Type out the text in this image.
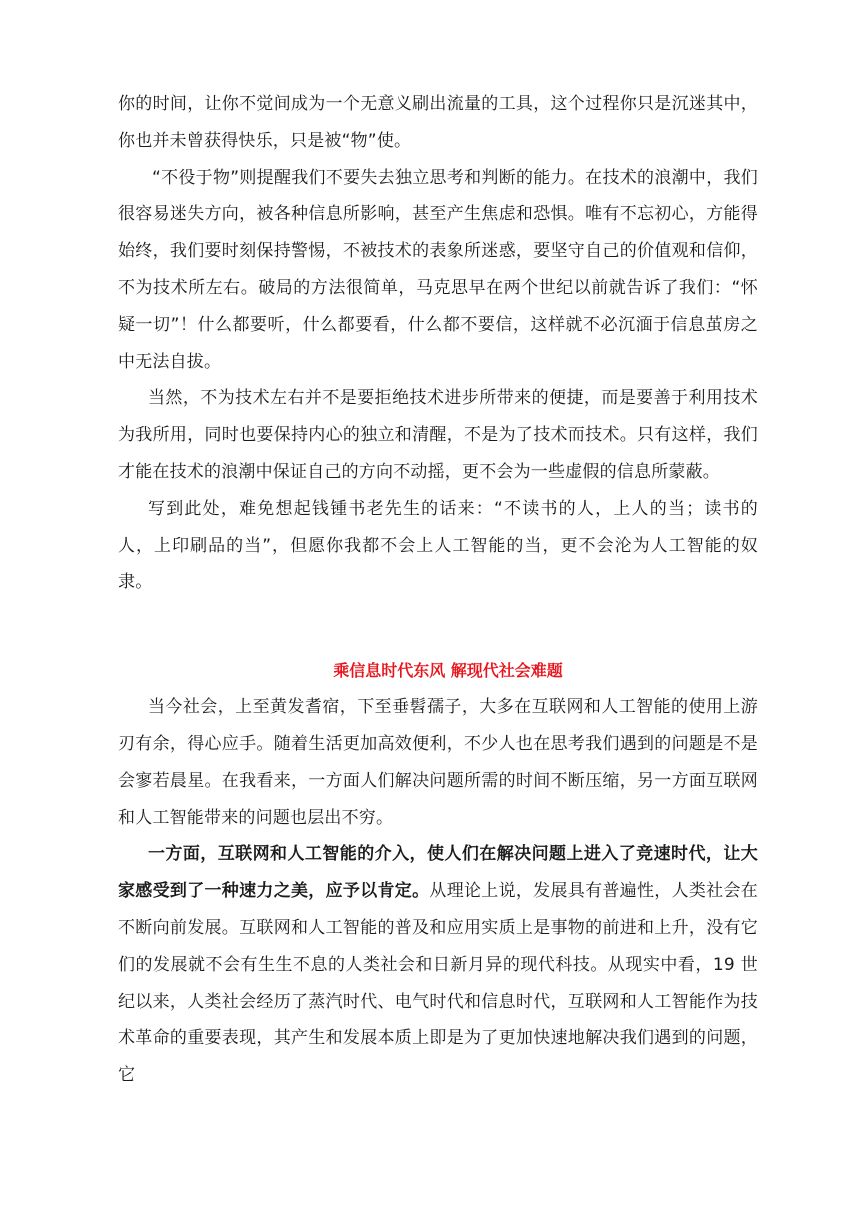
你的时间，让你不觉间成为一个无意义刷出流量的工具，这个过程你只是沉迷其中，你也并未曾获得快乐，只是被“物”使。

“不役于物”则提醒我们不要失去独立思考和判断的能力。在技术的浪潮中，我们很容易迷失方向，被各种信息所影响，甚至产生焦虑和恐惧。唯有不忘初心，方能得始终，我们要时刻保持警惕，不被技术的表象所迷惑，要坚守自己的价值观和信仰，不为技术所左右。破局的方法很简单，马克思早在两个世纪以前就告诉了我们：“怀疑一切”！什么都要听，什么都要看，什么都不要信，这样就不必沉湎于信息茧房之中无法自拔。

当然，不为技术左右并不是要拒绝技术进步所带来的便捷，而是要善于利用技术为我所用，同时也要保持内心的独立和清醒，不是为了技术而技术。只有这样，我们才能在技术的浪潮中保证自己的方向不动摇，更不会为一些虚假的信息所蒙蔽。

写到此处，难免想起钱锺书老先生的话来：“不读书的人，上人的当；读书的人，上印刷品的当”，但愿你我都不会上人工智能的当，更不会沦为人工智能的奴隶。

乘信息时代东风 解现代社会难题

当今社会，上至黄发耆宿，下至垂髫孺子，大多在互联网和人工智能的使用上游刃有余，得心应手。随着生活更加高效便利，不少人也在思考我们遇到的问题是不是会寥若晨星。在我看来，一方面人们解决问题所需的时间不断压缩，另一方面互联网和人工智能带来的问题也层出不穷。

一方面，互联网和人工智能的介入，使人们在解决问题上进入了竞速时代，让大家感受到了一种速力之美，应予以肯定。从理论上说，发展具有普遍性，人类社会在不断向前发展。互联网和人工智能的普及和应用实质上是事物的前进和上升，没有它们的发展就不会有生生不息的人类社会和日新月异的现代科技。从现实中看，19 世纪以来，人类社会经历了蒸汽时代、电气时代和信息时代，互联网和人工智能作为技术革命的重要表现，其产生和发展本质上即是为了更加快速地解决我们遇到的问题，它
